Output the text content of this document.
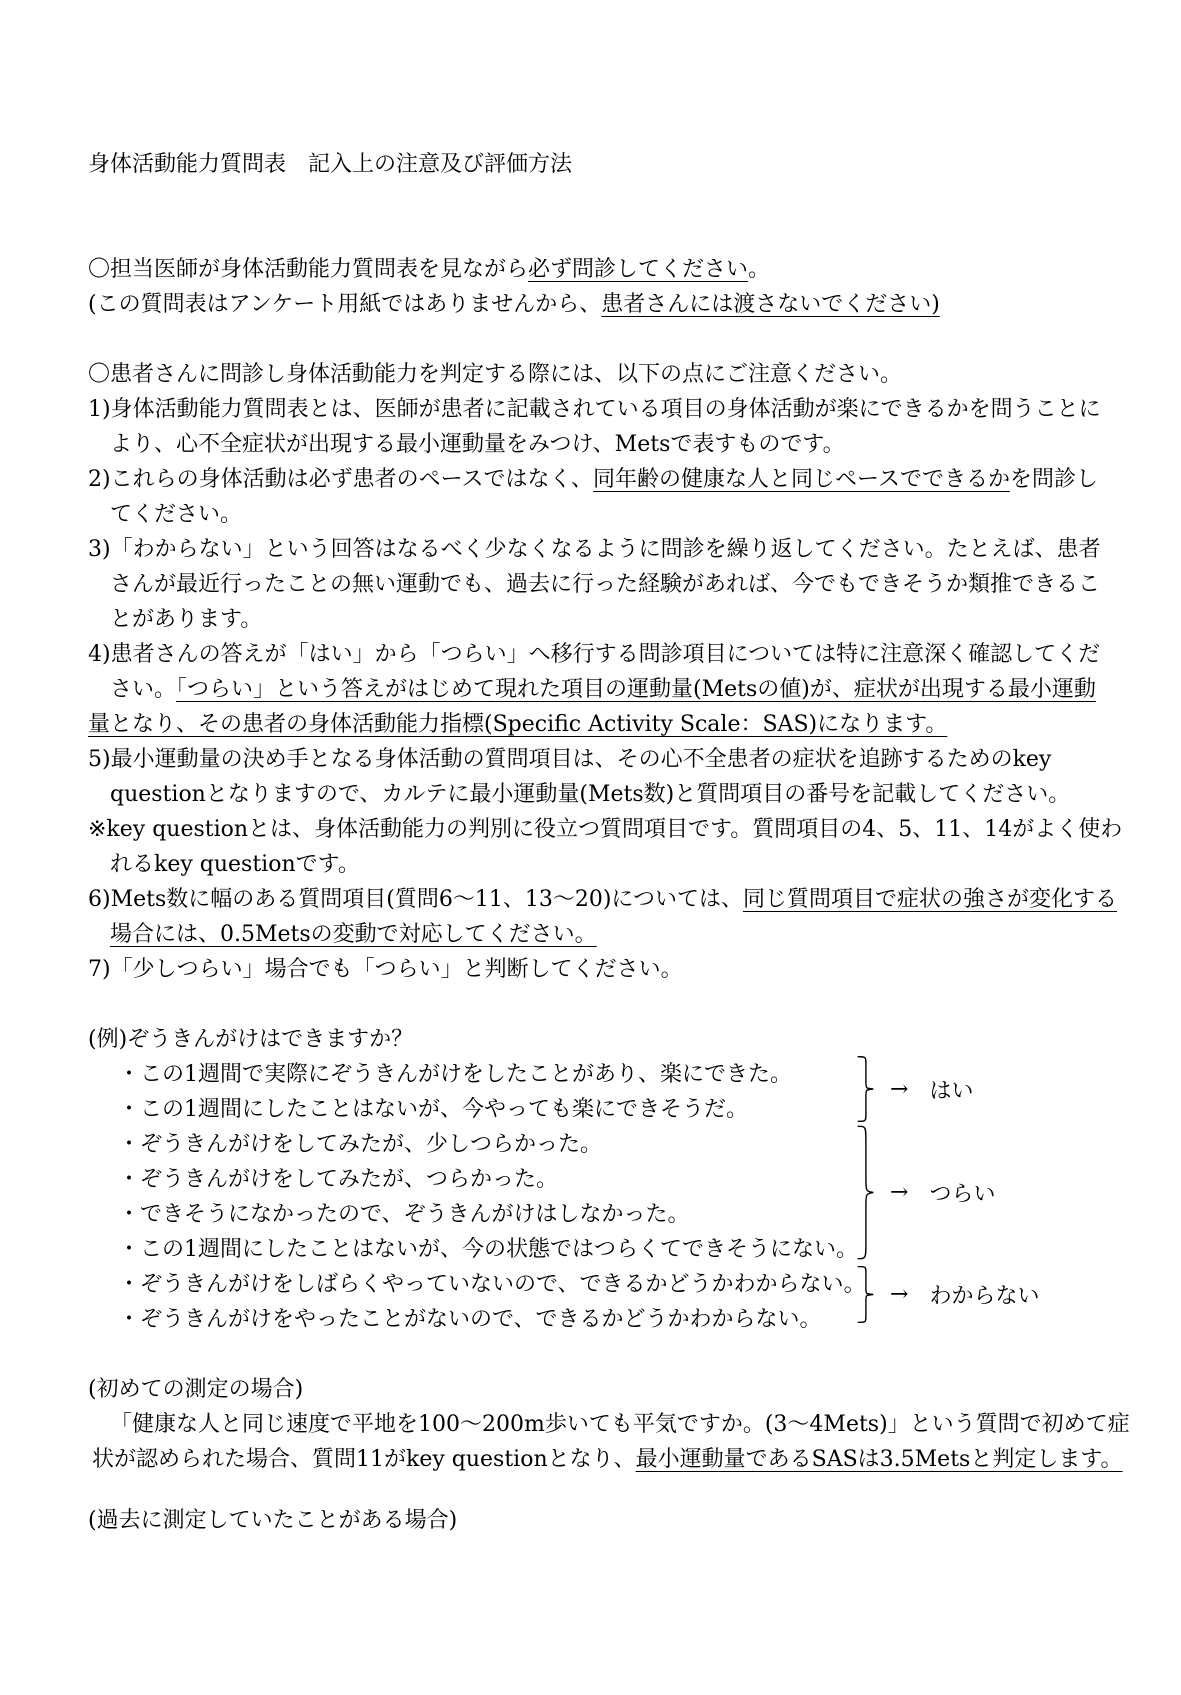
身体活動能力質問表　記入上の注意及び評価方法
〇担当医師が身体活動能力質問表を見ながら必ず問診してください。
(この質問表はアンケート用紙ではありませんから、患者さんには渡さないでください)
〇患者さんに問診し身体活動能力を判定する際には、以下の点にご注意ください。
1)身体活動能力質問表とは、医師が患者に記載されている項目の身体活動が楽にできるかを問うことに
より、心不全症状が出現する最小運動量をみつけ、Metsで表すものです。
2)これらの身体活動は必ず患者のペースではなく、同年齢の健康な人と同じペースでできるかを問診し
てください。
3)「わからない」という回答はなるべく少なくなるように問診を繰り返してください。たとえば、患者
さんが最近行ったことの無い運動でも、過去に行った経験があれば、今でもできそうか類推できるこ
とがあります。
4)患者さんの答えが「はい」から「つらい」へ移行する問診項目については特に注意深く確認してくだ
さい。「つらい」という答えがはじめて現れた項目の運動量(Metsの値)が、症状が出現する最小運動
量となり、その患者の身体活動能力指標(Specific Activity Scale：SAS)になります。
5)最小運動量の決め手となる身体活動の質問項目は、その心不全患者の症状を追跡するためのkey
questionとなりますので、カルテに最小運動量(Mets数)と質問項目の番号を記載してください。
※key questionとは、身体活動能力の判別に役立つ質問項目です。質問項目の4、5、11、14がよく使わ
れるkey questionです。
6)Mets数に幅のある質問項目(質問6〜11、13〜20)については、同じ質問項目で症状の強さが変化する
場合には、0.5Metsの変動で対応してください。
7)「少しつらい」場合でも「つらい」と判断してください。
(例)ぞうきんがけはできますか？
・この1週間で実際にぞうきんがけをしたことがあり、楽にできた。
・この1週間にしたことはないが、今やっても楽にできそうだ。
・ぞうきんがけをしてみたが、少しつらかった。
・ぞうきんがけをしてみたが、つらかった。
・できそうになかったので、ぞうきんがけはしなかった。
・この1週間にしたことはないが、今の状態ではつらくてできそうにない。
・ぞうきんがけをしばらくやっていないので、できるかどうかわからない。
・ぞうきんがけをやったことがないので、できるかどうかわからない。
→ はい
→ つらい
→ わからない
(初めての測定の場合)
「健康な人と同じ速度で平地を100〜200m歩いても平気ですか。(3〜4Mets)」という質問で初めて症
状が認められた場合、質問11がkey questionとなり、最小運動量であるSASは3.5Metsと判定します。
(過去に測定していたことがある場合)
